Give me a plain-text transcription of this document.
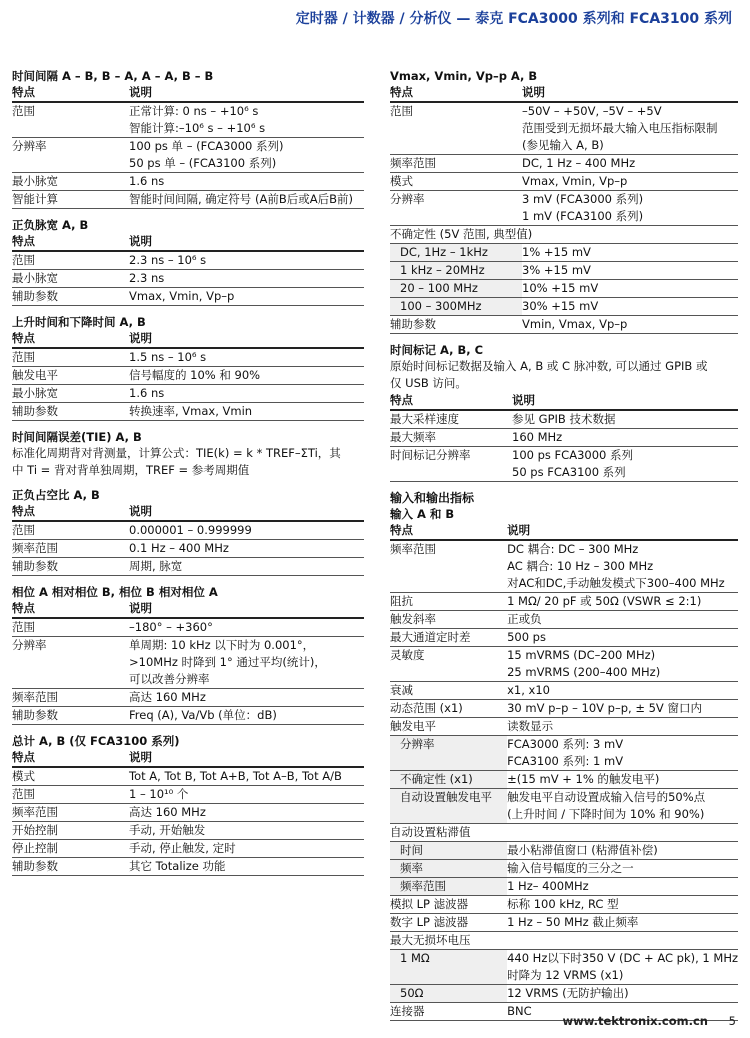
定时器 / 计数器 / 分析仪 — 泰克 FCA3000 系列和 FCA3100 系列
时间间隔 A – B, B – A, A – A, B – B
特点	说明
范围	正常计算: 0 ns – +10⁶ s
	智能计算:–10⁶ s – +10⁶ s
分辨率	100 ps 单 – (FCA3000 系列)
	50 ps 单 – (FCA3100 系列)
最小脉宽	1.6 ns
智能计算	智能时间间隔, 确定符号 (A前B后或A后B前)
正负脉宽 A, B
特点	说明
范围	2.3 ns – 10⁶ s
最小脉宽	2.3 ns
辅助参数	Vmax, Vmin, Vp–p
上升时间和下降时间 A, B
特点	说明
范围	1.5 ns – 10⁶ s
触发电平	信号幅度的 10% 和 90%
最小脉宽	1.6 ns
辅助参数	转换速率, Vmax, Vmin
时间间隔误差(TIE) A, B
标准化周期背对背测量，计算公式：TIE(k) = k * TREF–ΣTi，其
中 Ti = 背对背单独周期，TREF = 参考周期值
正负占空比 A, B
特点	说明
范围	0.000001 – 0.999999
频率范围	0.1 Hz – 400 MHz
辅助参数	周期, 脉宽
相位 A 相对相位 B, 相位 B 相对相位 A
特点	说明
范围	–180° – +360°
分辨率	单周期: 10 kHz 以下时为 0.001°，
	>10MHz 时降到 1° 通过平均(统计)，
	可以改善分辨率
频率范围	高达 160 MHz
辅助参数	Freq (A), Va/Vb (单位：dB)
总计 A, B (仅 FCA3100 系列)
特点	说明
模式	Tot A, Tot B, Tot A+B, Tot A–B, Tot A/B
范围	1 – 10¹⁰ 个
频率范围	高达 160 MHz
开始控制	手动, 开始触发
停止控制	手动, 停止触发, 定时
辅助参数	其它 Totalize 功能
Vmax, Vmin, Vp–p A, B
特点	说明
范围	–50V – +50V, –5V – +5V
	范围受到无损坏最大输入电压指标限制
	(参见输入 A, B)
频率范围	DC, 1 Hz – 400 MHz
模式	Vmax, Vmin, Vp–p
分辨率	3 mV (FCA3000 系列)
	1 mV (FCA3100 系列)
不确定性 (5V 范围, 典型值)	
DC, 1Hz – 1kHz	1% +15 mV
1 kHz – 20MHz	3% +15 mV
20 – 100 MHz	10% +15 mV
100 – 300MHz	30% +15 mV
辅助参数	Vmin, Vmax, Vp–p
时间标记 A, B, C
原始时间标记数据及输入 A, B 或 C 脉冲数, 可以通过 GPIB 或
仅 USB 访问。
特点	说明
最大采样速度	参见 GPIB 技术数据
最大频率	160 MHz
时间标记分辨率	100 ps FCA3000 系列
	50 ps FCA3100 系列
输入和输出指标
输入 A 和 B
特点	说明
频率范围	DC 耦合: DC – 300 MHz
	AC 耦合: 10 Hz – 300 MHz
	对AC和DC,手动触发模式下300–400 MHz
阻抗	1 MΩ/ 20 pF 或 50Ω (VSWR ≤ 2:1)
触发斜率	正或负
最大通道定时差	500 ps
灵敏度	15 mVRMS (DC–200 MHz)
	25 mVRMS (200–400 MHz)
衰减	x1, x10
动态范围 (x1)	30 mV p–p – 10V p–p, ± 5V 窗口内
触发电平	读数显示
分辨率	FCA3000 系列: 3 mV
	FCA3100 系列: 1 mV
不确定性 (x1)	±(15 mV + 1% 的触发电平)
自动设置触发电平	触发电平自动设置成输入信号的50%点
	(上升时间 / 下降时间为 10% 和 90%)
自动设置粘滞值	
时间	最小粘滞值窗口 (粘滞值补偿)
频率	输入信号幅度的三分之一
频率范围	1 Hz– 400MHz
模拟 LP 滤波器	标称 100 kHz, RC 型
数字 LP 滤波器	1 Hz – 50 MHz 截止频率
最大无损坏电压	
1 MΩ	440 Hz以下时350 V (DC + AC pk), 1 MHz
	时降为 12 VRMS (x1)
50Ω	12 VRMS (无防护输出)
连接器	BNC
www.tektronix.com.cn 5
